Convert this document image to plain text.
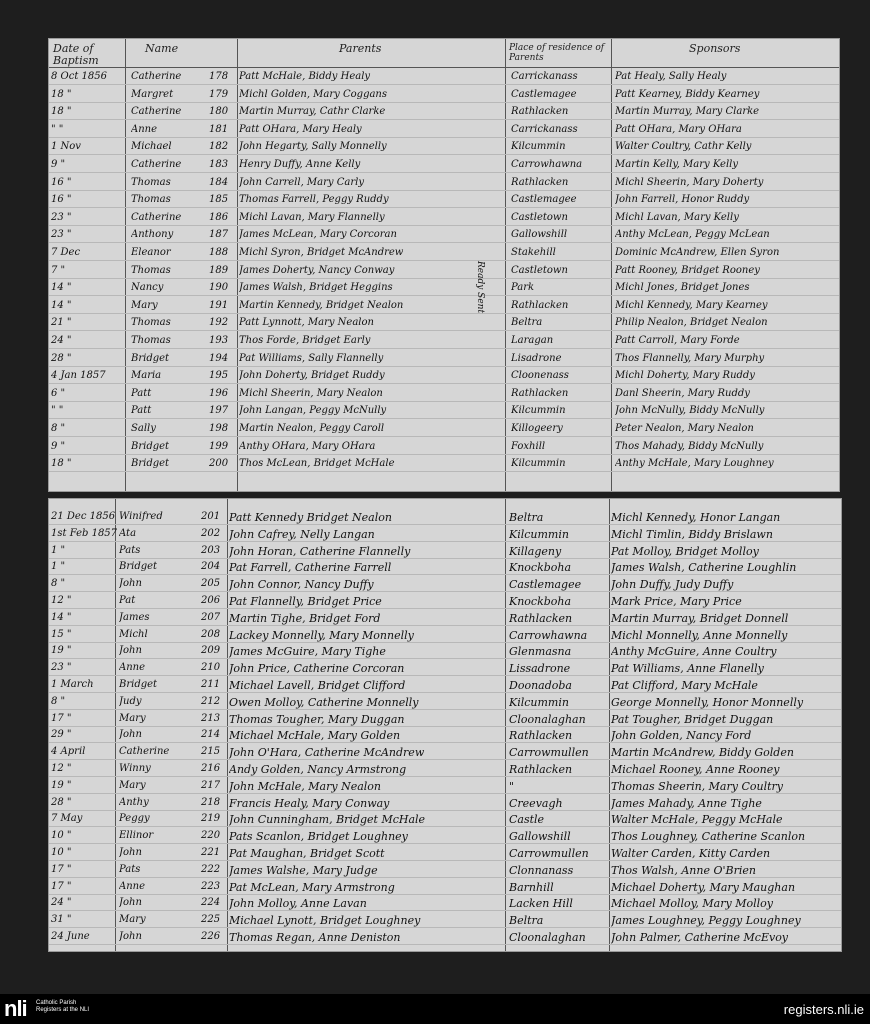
Date of Baptism
Name	Parents	Place of residence of Parents
Sponsors
8 Oct 1856	Catherine	178	Patt McHale, Biddy Healy	Carrickanass	Pat Healy, Sally Healy
18 "	Margret	179	Michl Golden, Mary Coggans	Castlemagee	Patt Kearney, Biddy Kearney
18 "	Catherine	180	Martin Murray, Cathr Clarke	Rathlacken	Martin Murray, Mary Clarke
" "	Anne	181	Patt OHara, Mary Healy	Carrickanass	Patt OHara, Mary OHara
1 Nov	Michael	182	John Hegarty, Sally Monnelly	Kilcummin	Walter Coultry, Cathr Kelly
9 "	Catherine	183	Henry Duffy, Anne Kelly	Carrowhawna	Martin Kelly, Mary Kelly
16 "	Thomas	184	John Carrell, Mary Carly	Rathlacken	Michl Sheerin, Mary Doherty
16 "	Thomas	185	Thomas Farrell, Peggy Ruddy	Castlemagee	John Farrell, Honor Ruddy
23 "	Catherine	186	Michl Lavan, Mary Flannelly	Castletown	Michl Lavan, Mary Kelly
23 "	Anthony	187	James McLean, Mary Corcoran	Gallowshill	Anthy McLean, Peggy McLean
7 Dec	Eleanor	188	Michl Syron, Bridget McAndrew	Stakehill	Dominic McAndrew, Ellen Syron
7 "	Thomas	189	James Doherty, Nancy Conway	Castletown	Patt Rooney, Bridget Rooney
14 "	Nancy	190	James Walsh, Bridget Heggins	Park	Michl Jones, Bridget Jones
14 "	Mary	191	Martin Kennedy, Bridget Nealon	Rathlacken	Michl Kennedy, Mary Kearney
21 "	Thomas	192	Patt Lynnott, Mary Nealon	Beltra	Philip Nealon, Bridget Nealon
24 "	Thomas	193	Thos Forde, Bridget Early	Laragan	Patt Carroll, Mary Forde
28 "	Bridget	194	Pat Williams, Sally Flannelly	Lisadrone	Thos Flannelly, Mary Murphy
4 Jan 1857	Maria	195	John Doherty, Bridget Ruddy	Cloonenass	Michl Doherty, Mary Ruddy
6 "	Patt	196	Michl Sheerin, Mary Nealon	Rathlacken	Danl Sheerin, Mary Ruddy
" "	Patt	197	John Langan, Peggy McNully	Kilcummin	John McNully, Biddy McNully
8 "	Sally	198	Martin Nealon, Peggy Caroll	Killogeery	Peter Nealon, Mary Nealon
9 "	Bridget	199	Anthy OHara, Mary OHara	Foxhill	Thos Mahady, Biddy McNully
18 "	Bridget	200	Thos McLean, Bridget McHale	Kilcummin	Anthy McHale, Mary Loughney
Ready Sent
21 Dec 1856 Winifred	201 Patt Kennedy Bridget Nealon	Beltra	Michl Kennedy, Honor Langan
1st Feb 1857 Ata	202 John Cafrey, Nelly Langan	Kilcummin	Michl Timlin, Biddy Brislawn
1 "	Pats	203 John Horan, Catherine Flannelly	Killageny	Pat Molloy, Bridget Molloy
1 "	Bridget	204 Pat Farrell, Catherine Farrell	Knockboha	James Walsh, Catherine Loughlin
8 "	John	205 John Connor, Nancy Duffy	Castlemagee	John Duffy, Judy Duffy
12 "	Pat	206 Pat Flannelly, Bridget Price	Knockboha	Mark Price, Mary Price
14 "	James	207 Martin Tighe, Bridget Ford	Rathlacken	Martin Murray, Bridget Donnell
15 "	Michl	208 Lackey Monnelly, Mary Monnelly	Carrowhawna	Michl Monnelly, Anne Monnelly
19 "	John	209 James McGuire, Mary Tighe	Glenmasna	Anthy McGuire, Anne Coultry
23 "	Anne	210 John Price, Catherine Corcoran	Lissadrone	Pat Williams, Anne Flanelly
1 March	Bridget	211 Michael Lavell, Bridget Clifford	Doonadoba	Pat Clifford, Mary McHale
8 "	Judy	212 Owen Molloy, Catherine Monnelly	Kilcummin	George Monnelly, Honor Monnelly
17 "	Mary	213 Thomas Tougher, Mary Duggan	Cloonalaghan	Pat Tougher, Bridget Duggan
29 "	John	214 Michael McHale, Mary Golden	Rathlacken	John Golden, Nancy Ford
4 April	Catherine	215 John O'Hara, Catherine McAndrew	Carrowmullen	Martin McAndrew, Biddy Golden
12 "	Winny	216 Andy Golden, Nancy Armstrong	Rathlacken	Michael Rooney, Anne Rooney
19 "	Mary	217 John McHale, Mary Nealon	"	Thomas Sheerin, Mary Coultry
28 "	Anthy	218 Francis Healy, Mary Conway	Creevagh	James Mahady, Anne Tighe
7 May	Peggy	219 John Cunningham, Bridget McHale	Castle	Walter McHale, Peggy McHale
10 "	Ellinor	220 Pats Scanlon, Bridget Loughney	Gallowshill	Thos Loughney, Catherine Scanlon
10 "	John	221 Pat Maughan, Bridget Scott	Carrowmullen	Walter Carden, Kitty Carden
17 "	Pats	222 James Walshe, Mary Judge	Clonnanass	Thos Walsh, Anne O'Brien
17 "	Anne	223 Pat McLean, Mary Armstrong	Barnhill	Michael Doherty, Mary Maughan
24 "	John	224 John Molloy, Anne Lavan	Lacken Hill	Michael Molloy, Mary Molloy
31 "	Mary	225 Michael Lynott, Bridget Loughney	Beltra	James Loughney, Peggy Loughney
24 June	John	226 Thomas Regan, Anne Deniston	Cloonalaghan	John Palmer, Catherine McEvoy
nli Catholic Parish Registers at the NLI	registers.nli.ie
